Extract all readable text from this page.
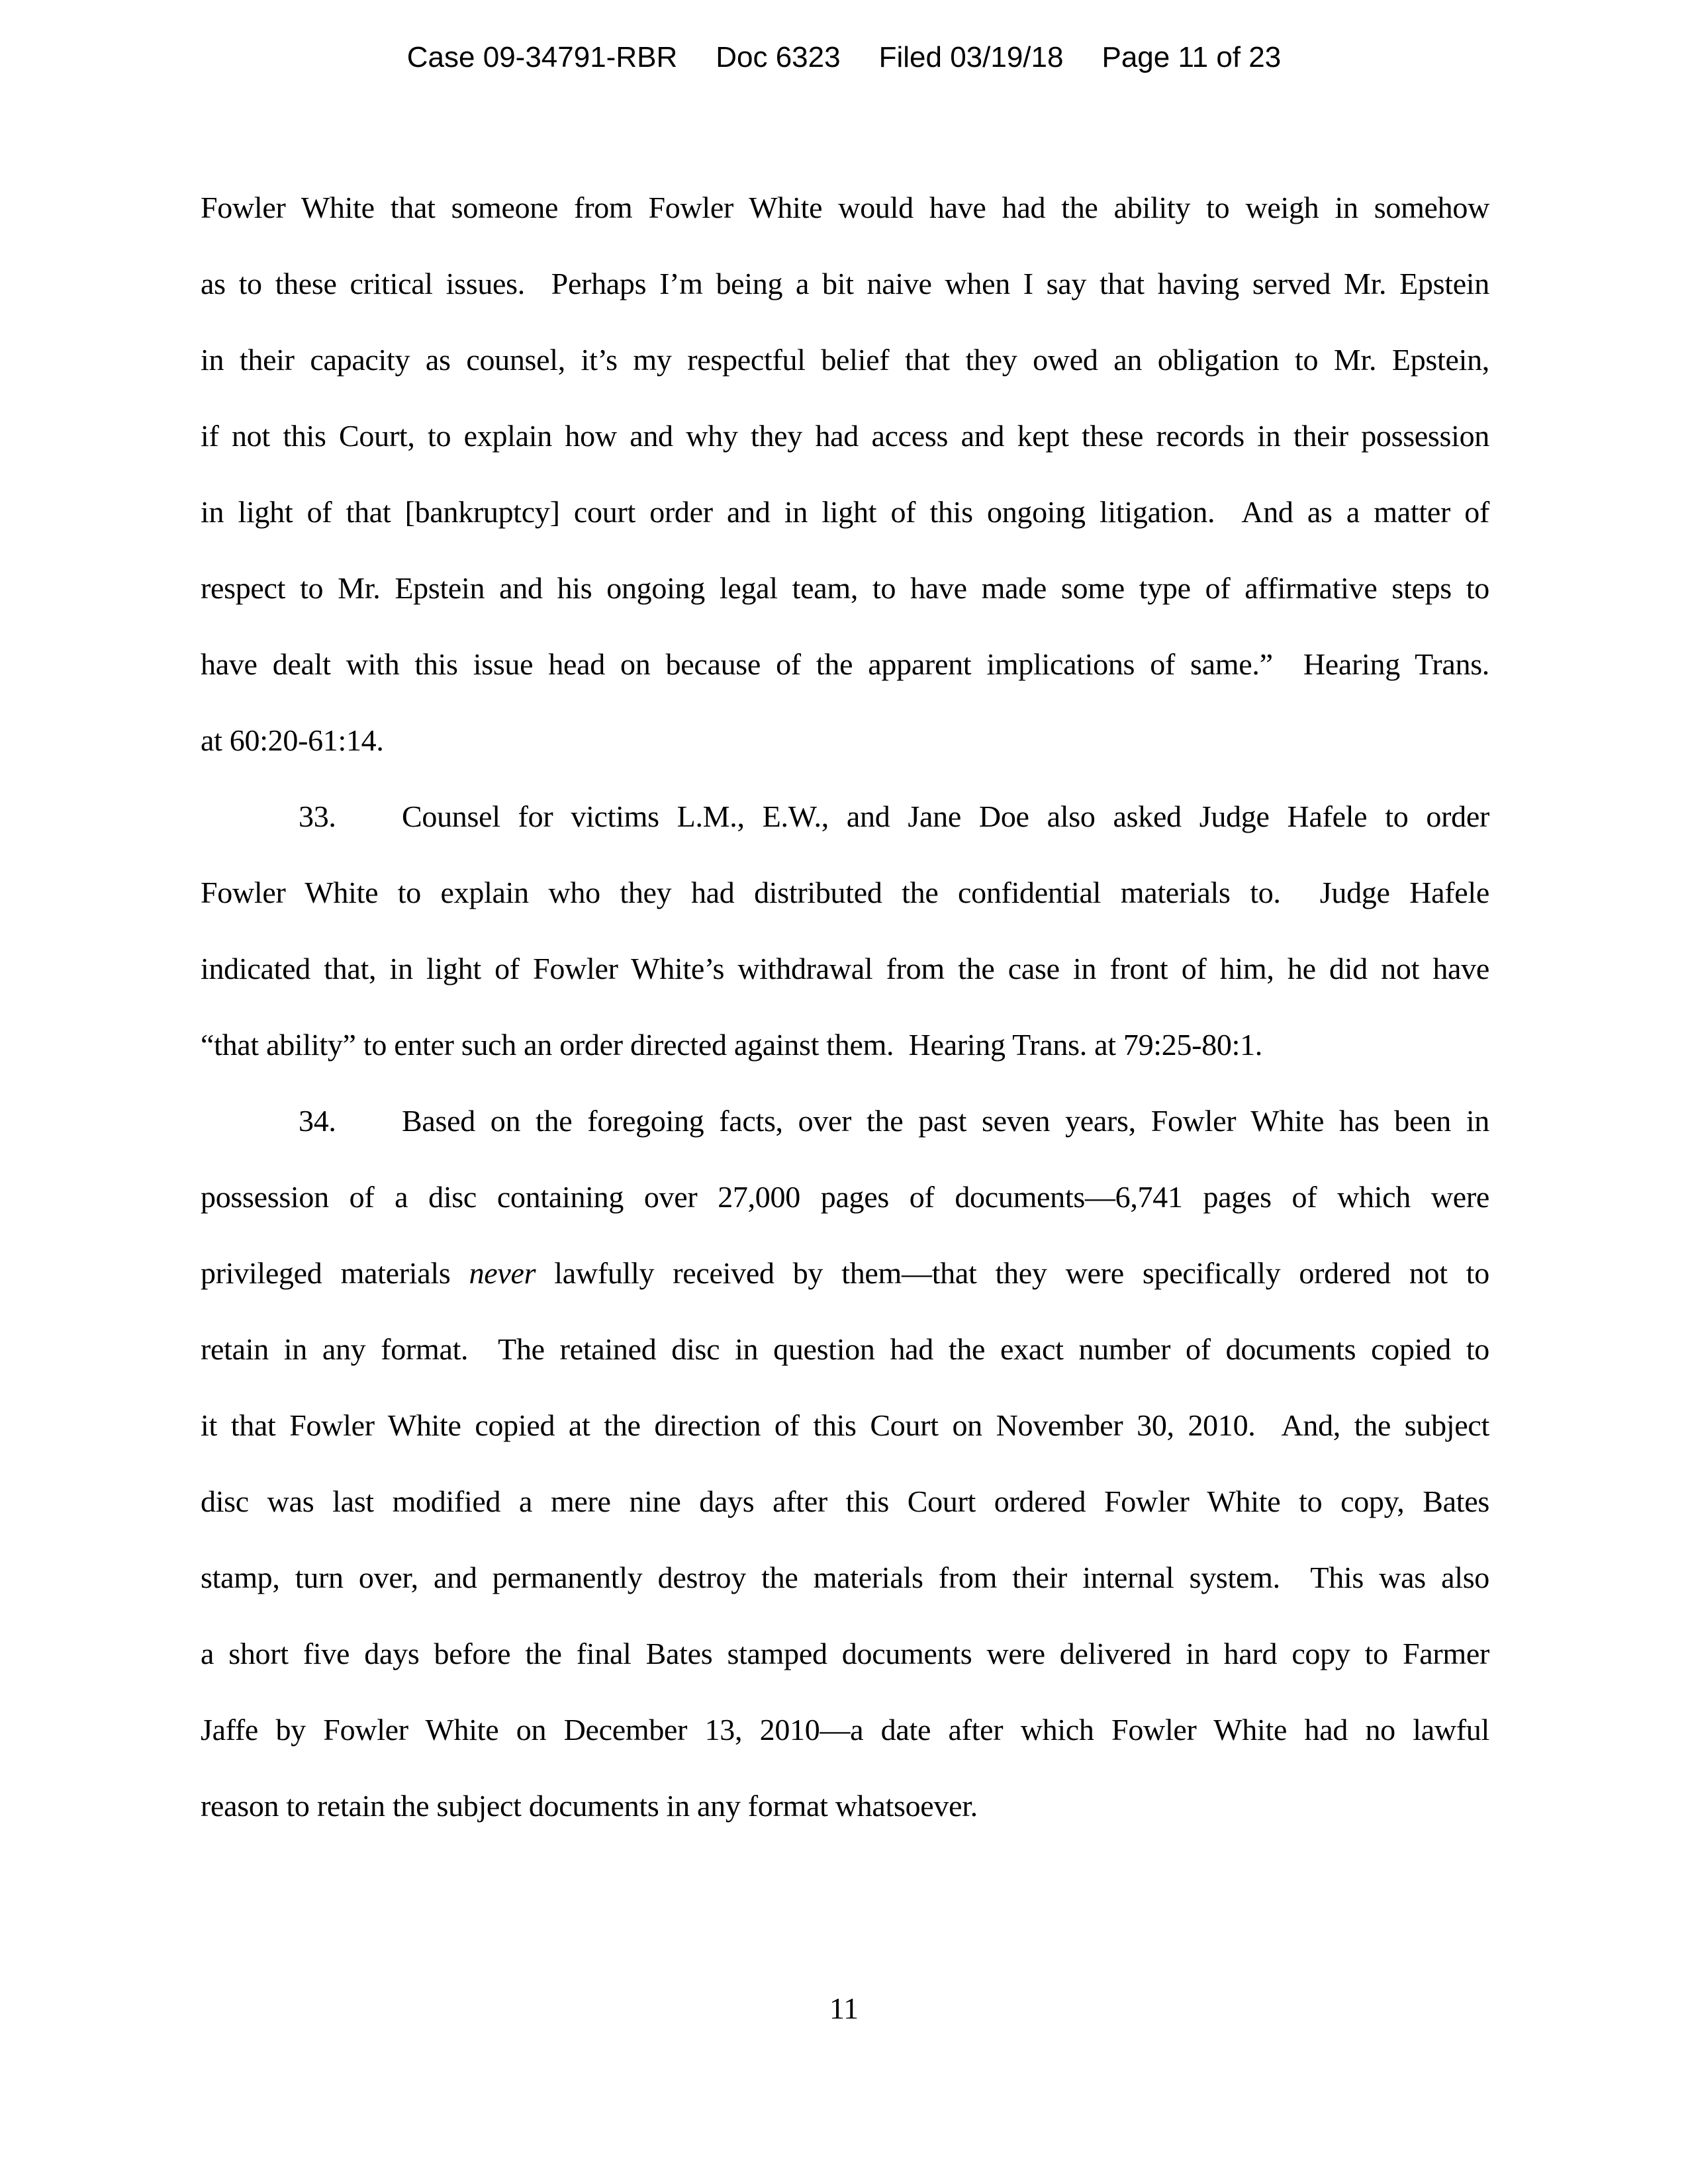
Case 09-34791-RBR Doc 6323 Filed 03/19/18 Page 11 of 23
Fowler White that someone from Fowler White would have had the ability to weigh in somehow
as to these critical issues.  Perhaps I’m being a bit naive when I say that having served Mr. Epstein
in their capacity as counsel, it’s my respectful belief that they owed an obligation to Mr. Epstein,
if not this Court, to explain how and why they had access and kept these records in their possession
in light of that [bankruptcy] court order and in light of this ongoing litigation.  And as a matter of
respect to Mr. Epstein and his ongoing legal team, to have made some type of affirmative steps to
have dealt with this issue head on because of the apparent implications of same.”  Hearing Trans.
at 60:20-61:14.
33. Counsel for victims L.M., E.W., and Jane Doe also asked Judge Hafele to order
Fowler White to explain who they had distributed the confidential materials to.  Judge Hafele
indicated that, in light of Fowler White’s withdrawal from the case in front of him, he did not have
“that ability” to enter such an order directed against them.  Hearing Trans. at 79:25-80:1.
34. Based on the foregoing facts, over the past seven years, Fowler White has been in
possession of a disc containing over 27,000 pages of documents—6,741 pages of which were
privileged materials never lawfully received by them—that they were specifically ordered not to
retain in any format.  The retained disc in question had the exact number of documents copied to
it that Fowler White copied at the direction of this Court on November 30, 2010.  And, the subject
disc was last modified a mere nine days after this Court ordered Fowler White to copy, Bates
stamp, turn over, and permanently destroy the materials from their internal system.  This was also
a short five days before the final Bates stamped documents were delivered in hard copy to Farmer
Jaffe by Fowler White on December 13, 2010—a date after which Fowler White had no lawful
reason to retain the subject documents in any format whatsoever.
11
